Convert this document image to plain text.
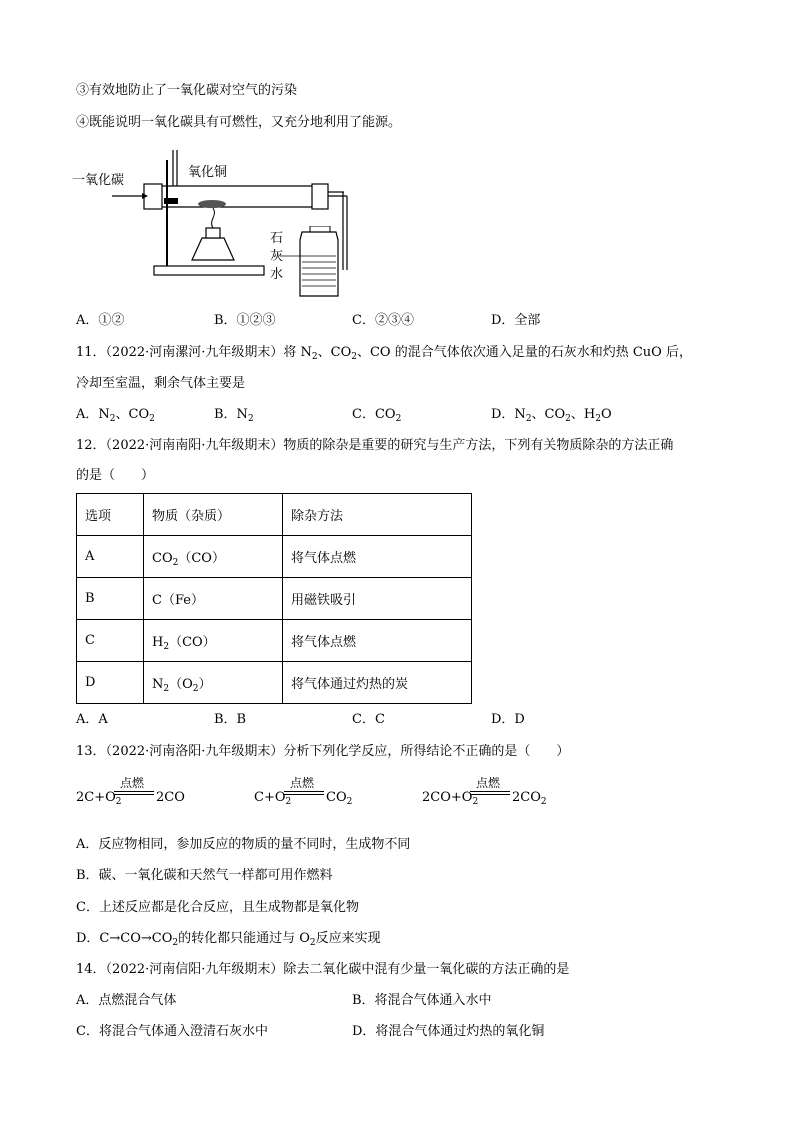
③有效地防止了一氧化碳对空气的污染
④既能说明一氧化碳具有可燃性，又充分地利用了能源。
一氧化碳
氧化铜
石
灰
水
A．①②	B．①②③	C．②③④	D．全部
11．（2022·河南漯河·九年级期末）将 $N_2$、$CO_2$、CO 的混合气体依次通入足量的石灰水和灼热 CuO 后，
冷却至室温，剩余气体主要是
A．$N_2$、$CO_2$	B．$N_2$	C．$CO_2$	D．$N_2$、$CO_2$、$H_2O$
12．（2022·河南南阳·九年级期末）物质的除杂是重要的研究与生产方法，下列有关物质除杂的方法正确
的是（　　）
选项	物质（杂质）	除杂方法
A	$CO_2(CO)$	将气体点燃
B	C（Fe）	用磁铁吸引
C	$H_2(CO)$	将气体点燃
D	$N_2(O_2)$	将气体通过灼热的炭
A．A	B．B	C．C	D．D
13．（2022·河南洛阳·九年级期末）分析下列化学反应，所得结论不正确的是（　　）
$2C+O_2$
点燃
2CO	$C+O_2$
点燃
$CO_2$	$2CO+O_2$
点燃
$2CO_2$
A．反应物相同，参加反应的物质的量不同时，生成物不同
B．碳、一氧化碳和天然气一样都可用作燃料
C．上述反应都是化合反应，且生成物都是氧化物
D．$C\to CO\to CO_2$的转化都只能通过与 $O_2$反应来实现
14．（2022·河南信阳·九年级期末）除去二氧化碳中混有少量一氧化碳的方法正确的是
A．点燃混合气体	B．将混合气体通入水中
C．将混合气体通入澄清石灰水中	D．将混合气体通过灼热的氧化铜
